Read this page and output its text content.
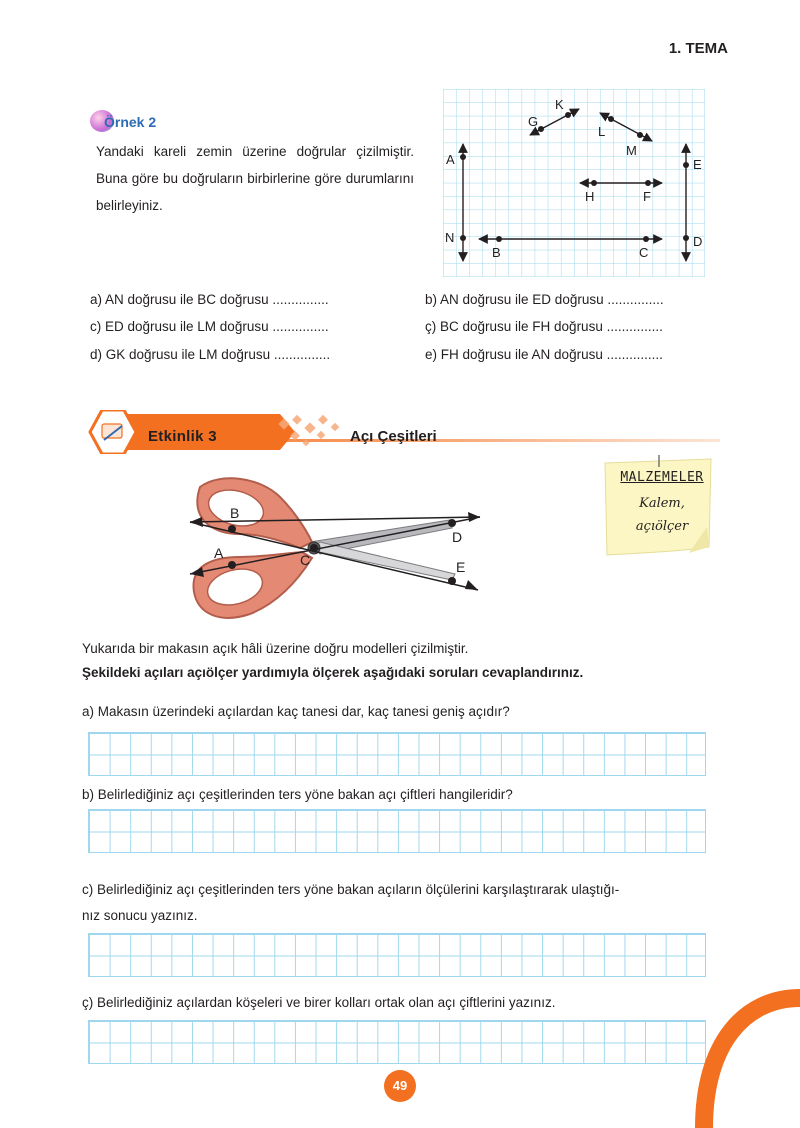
1. TEMA
Örnek 2
Yandaki kareli zemin üzerine doğrular çizilmiştir. Buna göre bu doğruların birbirlerine göre durumlarını belirleyiniz.
K
G
L
M
A	E
H	F
N
B	C
D
a) AN doğrusu ile BC doğrusu ...............	b) AN doğrusu ile ED doğrusu ...............
c) ED doğrusu ile LM doğrusu ...............	ç) BC doğrusu ile FH doğrusu ...............
d) GK doğrusu ile LM doğrusu ...............	e) FH doğrusu ile AN doğrusu ...............
Etkinlik 3	Açı Çeşitleri
B
A	C
D
E
MALZEMELER
Kalem,
açıölçer
Yukarıda bir makasın açık hâli üzerine doğru modelleri çizilmiştir.
Şekildeki açıları açıölçer yardımıyla ölçerek aşağıdaki soruları cevaplandırınız.
a) Makasın üzerindeki açılardan kaç tanesi dar, kaç tanesi geniş açıdır?
b) Belirlediğiniz açı çeşitlerinden ters yöne bakan açı çiftleri hangileridir?
c) Belirlediğiniz açı çeşitlerinden ters yöne bakan açıların ölçülerini karşılaştırarak ulaştığı-
nız sonucu yazınız.
ç) Belirlediğiniz açılardan köşeleri ve birer kolları ortak olan açı çiftlerini yazınız.
49
